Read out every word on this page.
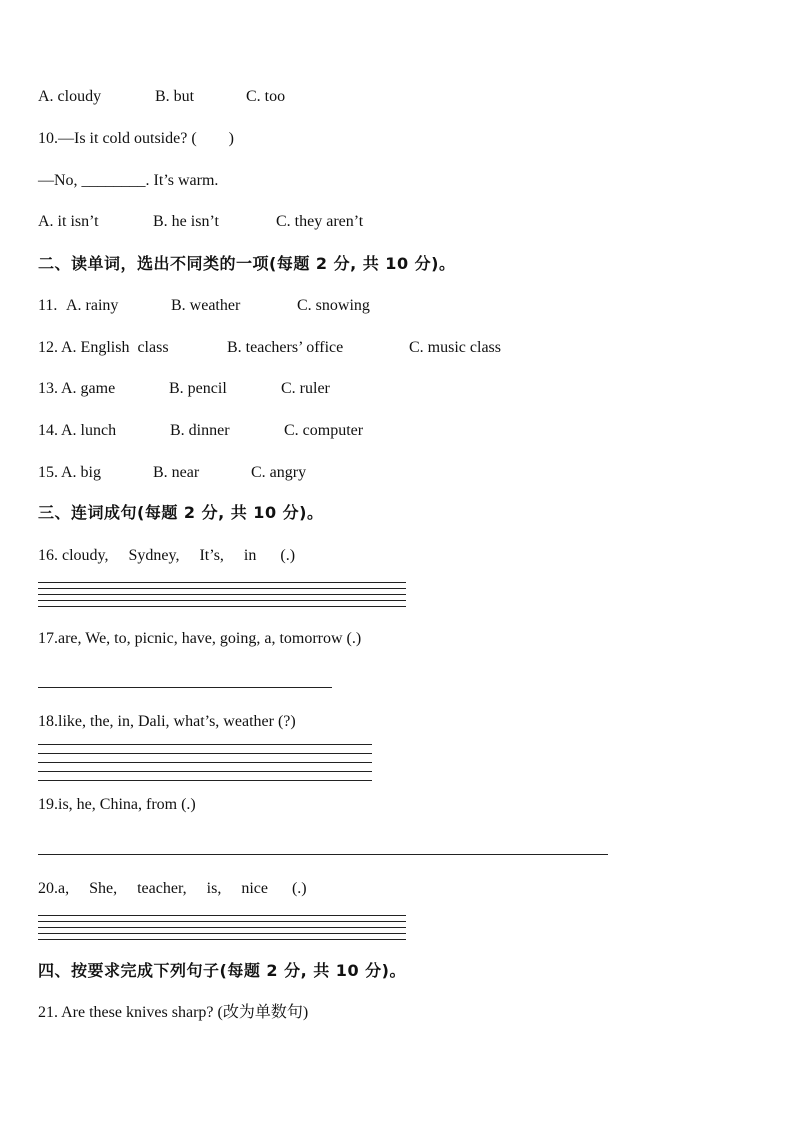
A. cloudy

	B. but

	C. too

10.—Is it cold outside? (        )
—No, ________. It’s warm.

A. it isn’t

	B. he isn’t

	C. they aren’t

二、读单词，选出不同类的一项(每题 2 分, 共 10 分)。

11.

A. rainy

	B. weather

	C. snowing

12.

A. English  class

	B. teachers’ office

	C. music class

13.

A. game

	B. pencil

	C. ruler

14.

A. lunch

	B. dinner

	C. computer

15.

A. big

	B. near

	C. angry

三、连词成句(每题 2 分, 共 10 分)。
16. cloudy,     Sydney,     It’s,     in      (.)
17.are, We, to, picnic, have, going, a, tomorrow (.)
18.like, the, in, Dali, what’s, weather (?)
19.is, he, China, from (.)
20.a,     She,     teacher,     is,     nice      (.)
四、按要求完成下列句子(每题 2 分, 共 10 分)。
21. Are these knives sharp? (改为单数句)
